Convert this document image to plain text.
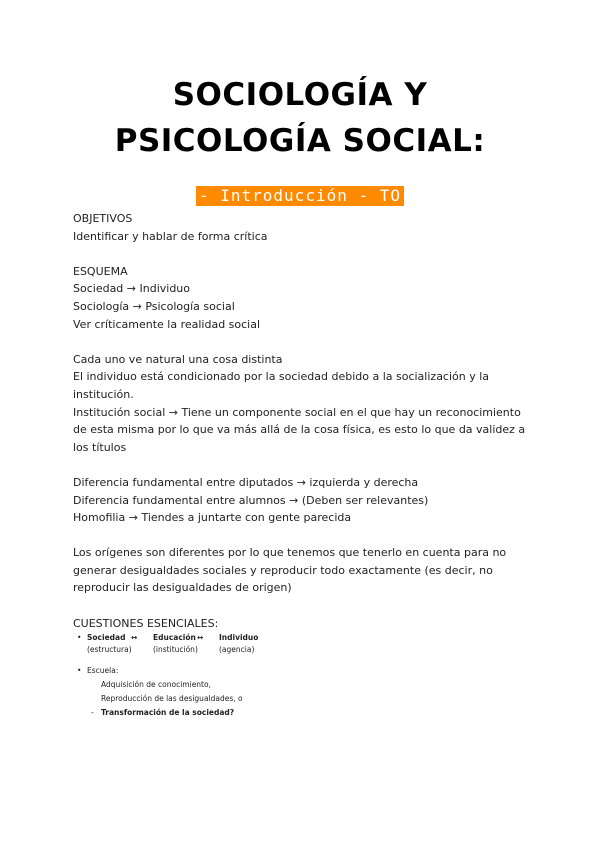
SOCIOLOGÍA Y
PSICOLOGÍA SOCIAL:
- Introducción - TO

OBJETIVOS

Identificar y hablar de forma crítica

ESQUEMA

Sociedad → Individuo

Sociología → Psicología social

Ver críticamente la realidad social

Cada uno ve natural una cosa distinta

El individuo está condicionado por la sociedad debido a la socialización y la institución.

Institución social → Tiene un componente social en el que hay un reconocimiento de esta misma por lo que va más allá de la cosa física, es esto lo que da validez a los títulos

Diferencia fundamental entre diputados → izquierda y derecha

Diferencia fundamental entre alumnos → (Deben ser relevantes)

Homofilia → Tiendes a juntarte con gente parecida

Los orígenes son diferentes por lo que tenemos que tenerlo en cuenta para no generar desigualdades sociales y reproducir todo exactamente (es decir, no reproducir las desigualdades de origen)

CUESTIONES ESENCIALES:

• Sociedad
(estructura)
↔	Educación
(institución)
↔	Individuo
(agencia)
• Escuela:
Adquisición de conocimiento,
Reproducción de las desigualdades, o
- Transformación de la sociedad?
